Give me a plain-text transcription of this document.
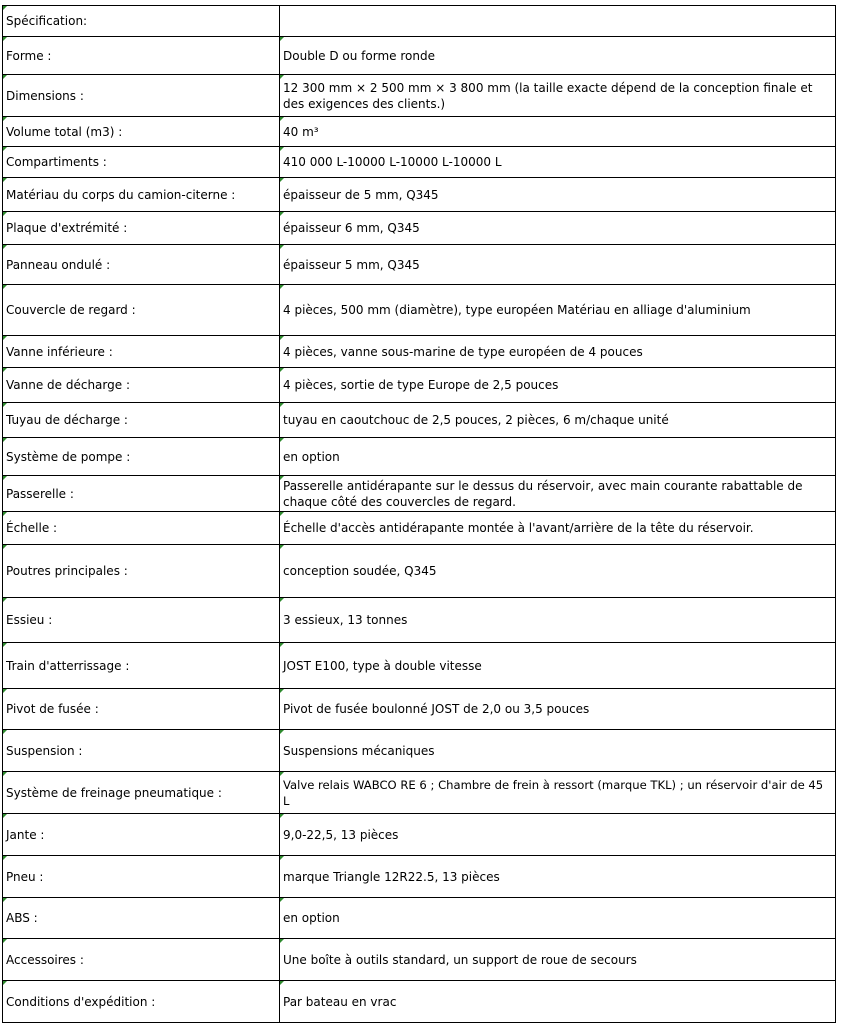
Spécification:	
Forme :	Double D ou forme ronde
Dimensions :	12 300 mm × 2 500 mm × 3 800 mm (la taille exacte dépend de la conception finale et des exigences des clients.)
Volume total (m3) :	40 m³
Compartiments :	410 000 L-10000 L-10000 L-10000 L
Matériau du corps du camion-citerne :	épaisseur de 5 mm, Q345
Plaque d'extrémité :	épaisseur 6 mm, Q345
Panneau ondulé :	épaisseur 5 mm, Q345
Couvercle de regard :	4 pièces, 500 mm (diamètre), type européen Matériau en alliage d'aluminium
Vanne inférieure :	4 pièces, vanne sous-marine de type européen de 4 pouces
Vanne de décharge :	4 pièces, sortie de type Europe de 2,5 pouces
Tuyau de décharge :	tuyau en caoutchouc de 2,5 pouces, 2 pièces, 6 m/chaque unité
Système de pompe :	en option
Passerelle :	Passerelle antidérapante sur le dessus du réservoir, avec main courante rabattable de chaque côté des couvercles de regard.
Échelle :	Échelle d'accès antidérapante montée à l'avant/arrière de la tête du réservoir.
Poutres principales :	conception soudée, Q345
Essieu :	3 essieux, 13 tonnes
Train d'atterrissage :	JOST E100, type à double vitesse
Pivot de fusée :	Pivot de fusée boulonné JOST de 2,0 ou 3,5 pouces
Suspension :	Suspensions mécaniques
Système de freinage pneumatique :	Valve relais WABCO RE 6 ; Chambre de frein à ressort (marque TKL) ; un réservoir d'air de 45 L
Jante :	9,0-22,5, 13 pièces
Pneu :	marque Triangle 12R22.5, 13 pièces
ABS :	en option
Accessoires :	Une boîte à outils standard, un support de roue de secours
Conditions d'expédition :	Par bateau en vrac
